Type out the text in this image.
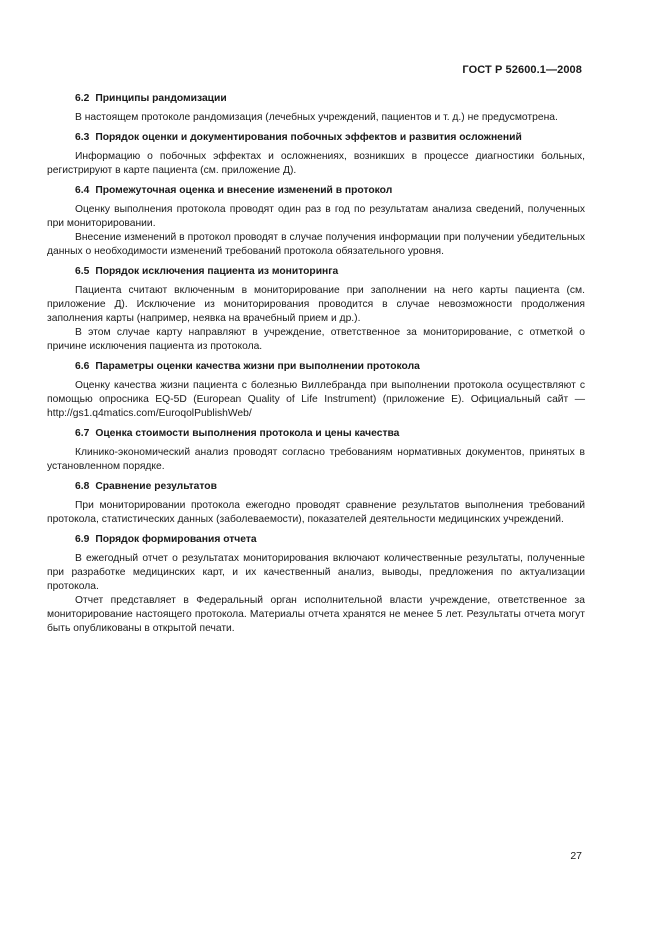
ГОСТ Р 52600.1—2008
6.2 Принципы рандомизации
В настоящем протоколе рандомизация (лечебных учреждений, пациентов и т. д.) не предусмотрена.
6.3 Порядок оценки и документирования побочных эффектов и развития осложнений
Информацию о побочных эффектах и осложнениях, возникших в процессе диагностики больных, регистрируют в карте пациента (см. приложение Д).
6.4 Промежуточная оценка и внесение изменений в протокол
Оценку выполнения протокола проводят один раз в год по результатам анализа сведений, полученных при мониторировании.
Внесение изменений в протокол проводят в случае получения информации при получении убедительных данных о необходимости изменений требований протокола обязательного уровня.
6.5 Порядок исключения пациента из мониторинга
Пациента считают включенным в мониторирование при заполнении на него карты пациента (см. приложение Д). Исключение из мониторирования проводится в случае невозможности продолжения заполнения карты (например, неявка на врачебный прием и др.).
В этом случае карту направляют в учреждение, ответственное за мониторирование, с отметкой о причине исключения пациента из протокола.
6.6 Параметры оценки качества жизни при выполнении протокола
Оценку качества жизни пациента с болезнью Виллебранда при выполнении протокола осуществляют с помощью опросника EQ-5D (European Quality of Life Instrument) (приложение Е). Официальный сайт — http://gs1.q4matics.com/EuroqolPublishWeb/
6.7 Оценка стоимости выполнения протокола и цены качества
Клинико-экономический анализ проводят согласно требованиям нормативных документов, принятых в установленном порядке.
6.8 Сравнение результатов
При мониторировании протокола ежегодно проводят сравнение результатов выполнения требований протокола, статистических данных (заболеваемости), показателей деятельности медицинских учреждений.
6.9 Порядок формирования отчета
В ежегодный отчет о результатах мониторирования включают количественные результаты, полученные при разработке медицинских карт, и их качественный анализ, выводы, предложения по актуализации протокола.
Отчет представляет в Федеральный орган исполнительной власти учреждение, ответственное за мониторирование настоящего протокола. Материалы отчета хранятся не менее 5 лет. Результаты отчета могут быть опубликованы в открытой печати.
27
